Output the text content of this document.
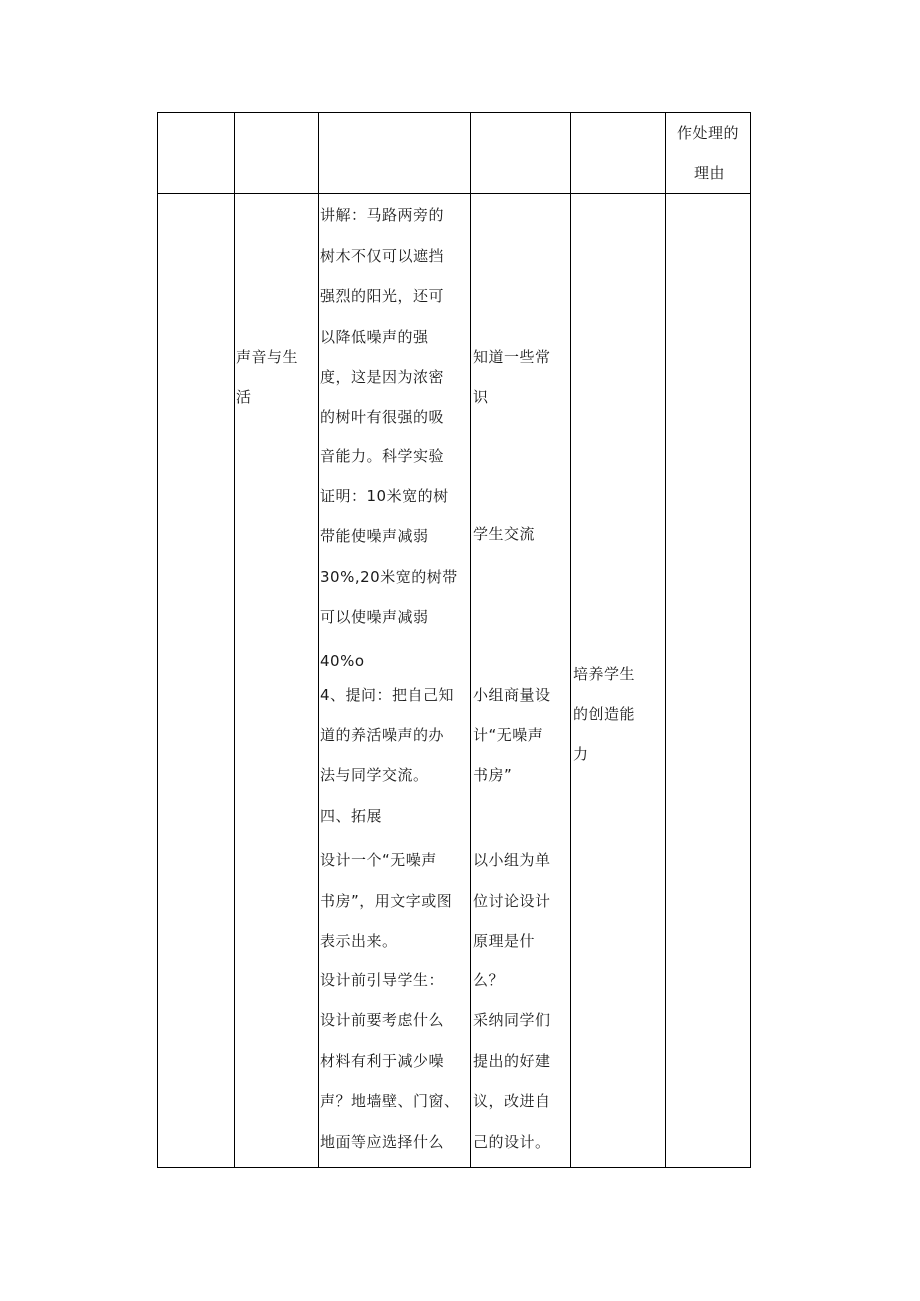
作处理的

理由

声音与生

活

讲解：马路两旁的

树木不仅可以遮挡

强烈的阳光，还可

以降低噪声的强

度，这是因为浓密

的树叶有很强的吸

音能力。科学实验

证明：10米宽的树

带能使噪声减弱

30%,20米宽的树带

可以使噪声减弱

40%o

4、提问：把自己知

道的养活噪声的办

法与同学交流。

四、拓展

设计一个“无噪声

书房”，用文字或图

表示出来。

设计前引导学生：

设计前要考虑什么

材料有利于减少噪

声？地墙壁、门窗、

地面等应选择什么

知道一些常

识

学生交流

小组商量设

计“无噪声

书房”

以小组为单

位讨论设计

原理是什

么？

采纳同学们

提出的好建

议，改进自

己的设计。

培养学生

的创造能

力
